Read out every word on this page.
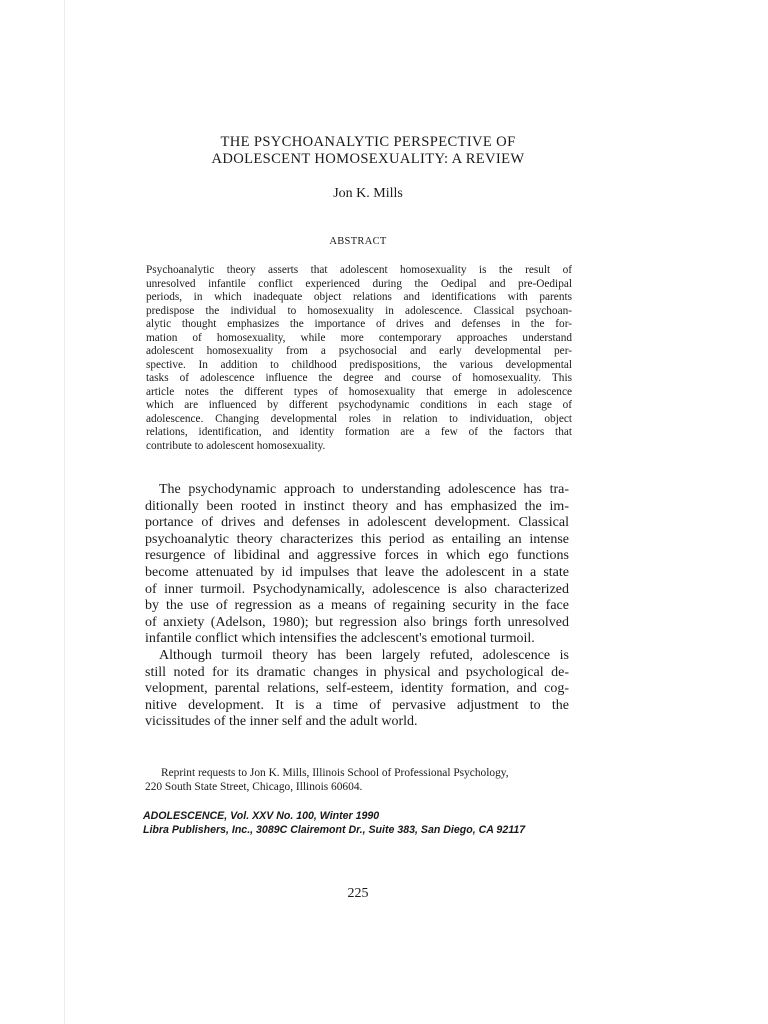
THE PSYCHOANALYTIC PERSPECTIVE OF
ADOLESCENT HOMOSEXUALITY: A REVIEW
Jon K. Mills
ABSTRACT
Psychoanalytic theory asserts that adolescent homosexuality is the result of
unresolved infantile conflict experienced during the Oedipal and pre-Oedipal
periods, in which inadequate object relations and identifications with parents
predispose the individual to homosexuality in adolescence. Classical psychoan-
alytic thought emphasizes the importance of drives and defenses in the for-
mation of homosexuality, while more contemporary approaches understand
adolescent homosexuality from a psychosocial and early developmental per-
spective. In addition to childhood predispositions, the various developmental
tasks of adolescence influence the degree and course of homosexuality. This
article notes the different types of homosexuality that emerge in adolescence
which are influenced by different psychodynamic conditions in each stage of
adolescence. Changing developmental roles in relation to individuation, object
relations, identification, and identity formation are a few of the factors that
contribute to adolescent homosexuality.
The psychodynamic approach to understanding adolescence has tra-
ditionally been rooted in instinct theory and has emphasized the im-
portance of drives and defenses in adolescent development. Classical
psychoanalytic theory characterizes this period as entailing an intense
resurgence of libidinal and aggressive forces in which ego functions
become attenuated by id impulses that leave the adolescent in a state
of inner turmoil. Psychodynamically, adolescence is also characterized
by the use of regression as a means of regaining security in the face
of anxiety (Adelson, 1980); but regression also brings forth unresolved
infantile conflict which intensifies the adclescent's emotional turmoil.
Although turmoil theory has been largely refuted, adolescence is
still noted for its dramatic changes in physical and psychological de-
velopment, parental relations, self-esteem, identity formation, and cog-
nitive development. It is a time of pervasive adjustment to the
vicissitudes of the inner self and the adult world.
Reprint requests to Jon K. Mills, Illinois School of Professional Psychology,
220 South State Street, Chicago, Illinois 60604.
ADOLESCENCE, Vol. XXV No. 100, Winter 1990
Libra Publishers, Inc., 3089C Clairemont Dr., Suite 383, San Diego, CA 92117
225
